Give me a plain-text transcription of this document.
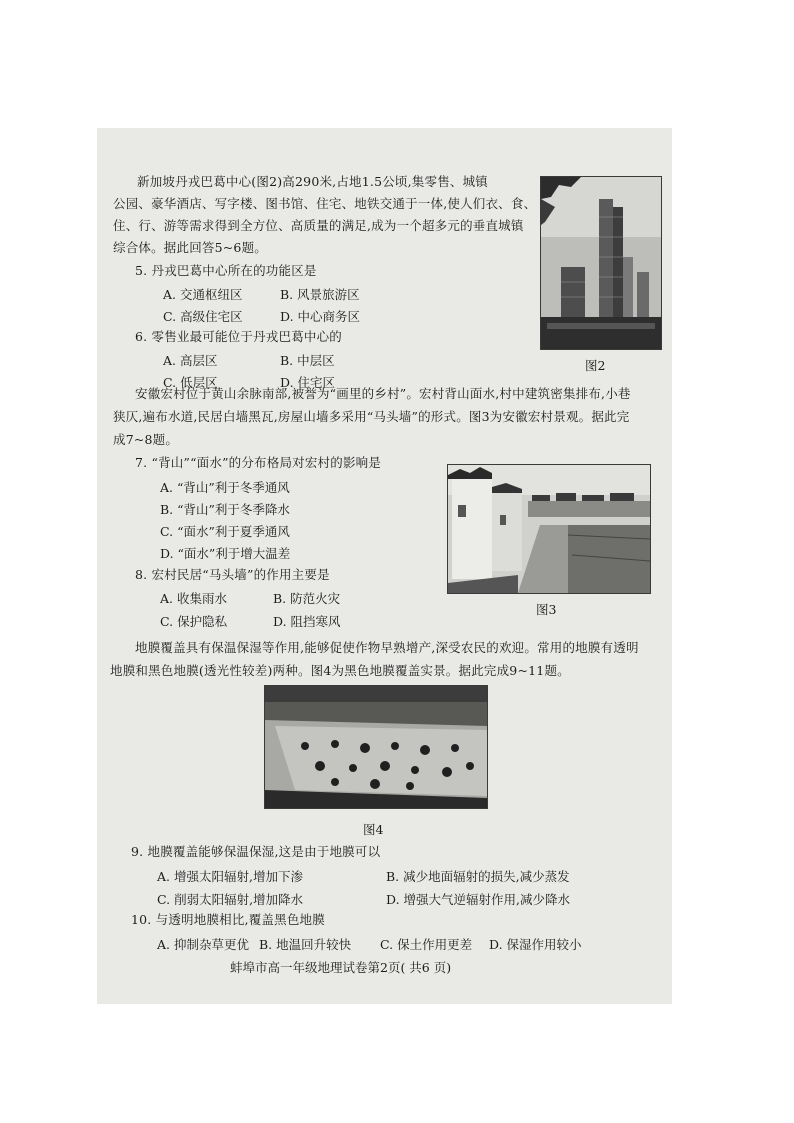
新加坡丹戎巴葛中心(图2)高290米,占地1.5公顷,集零售、城镇
公园、豪华酒店、写字楼、图书馆、住宅、地铁交通于一体,使人们衣、食、
住、行、游等需求得到全方位、高质量的满足,成为一个超多元的垂直城镇
综合体。据此回答5~6题。
5. 丹戎巴葛中心所在的功能区是
A. 交通枢纽区	B. 风景旅游区
C. 高级住宅区	D. 中心商务区
6. 零售业最可能位于丹戎巴葛中心的
A. 高层区	B. 中层区
C. 低层区	D. 住宅区
图2
安徽宏村位于黄山余脉南部,被誉为“画里的乡村”。宏村背山面水,村中建筑密集排布,小巷
狭仄,遍布水道,民居白墙黑瓦,房屋山墙多采用“马头墙”的形式。图3为安徽宏村景观。据此完
成7~8题。
7. “背山”“面水”的分布格局对宏村的影响是
A. “背山”利于冬季通风
B. “背山”利于冬季降水
C. “面水”利于夏季通风
D. “面水”利于增大温差
8. 宏村民居“马头墙”的作用主要是
A. 收集雨水	B. 防范火灾
C. 保护隐私	D. 阻挡寒风
图3
地膜覆盖具有保温保湿等作用,能够促使作物早熟增产,深受农民的欢迎。常用的地膜有透明
地膜和黑色地膜(透光性较差)两种。图4为黑色地膜覆盖实景。据此完成9~11题。
图4
9. 地膜覆盖能够保温保湿,这是由于地膜可以
A. 增强太阳辐射,增加下渗	B. 减少地面辐射的损失,减少蒸发
C. 削弱太阳辐射,增加降水	D. 增强大气逆辐射作用,减少降水
10. 与透明地膜相比,覆盖黑色地膜
A. 抑制杂草更优 B. 地温回升较快 C. 保土作用更差 D. 保湿作用较小
蚌埠市高一年级地理试卷第2页( 共6 页)
